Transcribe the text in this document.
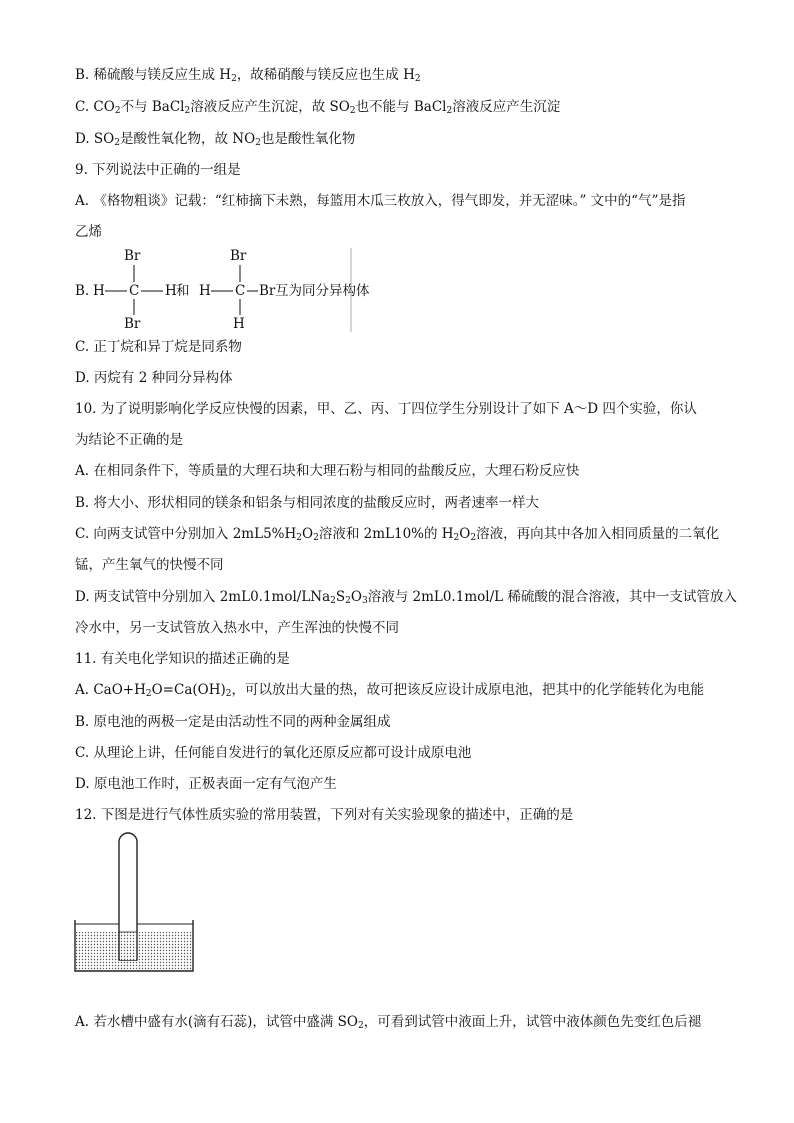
B. 稀硫酸与镁反应生成 $H_2$，故稀硝酸与镁反应也生成 $H_2$
C. $CO_2$不与 BaCl$_2$溶液反应产生沉淀，故 $SO_2$也不能与 BaCl$_2$溶液反应产生沉淀
D. $SO_2$是酸性氧化物，故 $NO_2$也是酸性氧化物
9. 下列说法中正确的一组是
A. 《格物粗谈》记载：“红柿摘下未熟，每篮用木瓜三枚放入，得气即发，并无涩味。” 文中的“气”是指
乙烯
C. 正丁烷和异丁烷是同系物
D. 丙烷有 2 种同分异构体
10. 为了说明影响化学反应快慢的因素，甲、乙、丙、丁四位学生分别设计了如下 A～D 四个实验，你认
为结论不正确的是
A. 在相同条件下，等质量的大理石块和大理石粉与相同的盐酸反应，大理石粉反应快
B. 将大小、形状相同的镁条和铝条与相同浓度的盐酸反应时，两者速率一样大
C. 向两支试管中分别加入 $2mL5\%H_2O_2$溶液和 2mL10%的 $H_2O_2$溶液，再向其中各加入相同质量的二氧化
锰，产生氧气的快慢不同
D. 两支试管中分别加入 $2mL0.1mol/LNa_2S_2O_3$溶液与 2mL0.1mol/L 稀硫酸的混合溶液，其中一支试管放入
冷水中，另一支试管放入热水中，产生浑浊的快慢不同
11. 有关电化学知识的描述正确的是
A. $CaO+H_2O=Ca(OH)_2$，可以放出大量的热，故可把该反应设计成原电池，把其中的化学能转化为电能
B. 原电池的两极一定是由活动性不同的两种金属组成
C. 从理论上讲，任何能自发进行的氧化还原反应都可设计成原电池
D. 原电池工作时，正极表面一定有气泡产生
12. 下图是进行气体性质实验的常用装置，下列对有关实验现象的描述中，正确的是
A. 若水槽中盛有水(滴有石蕊)，试管中盛满 $SO_2$，可看到试管中液面上升，试管中液体颜色先变红色后褪
B.
Br
H C H
Br
和
Br
H C Br
H
互为同分异构体
